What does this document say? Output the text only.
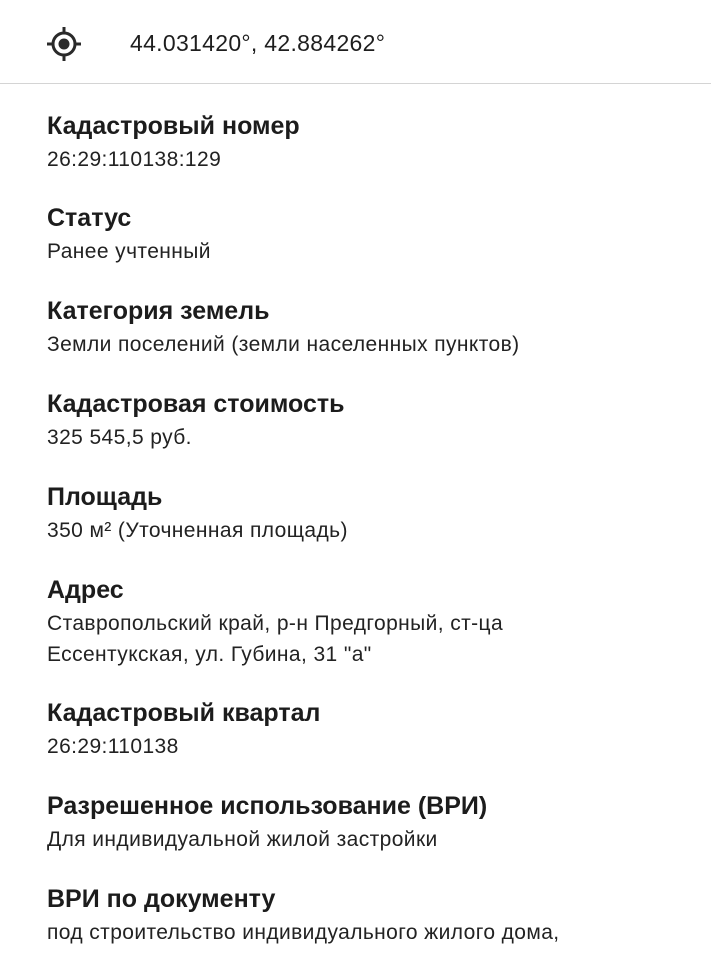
44.031420°, 42.884262°
Кадастровый номер
26:29:110138:129
Статус
Ранее учтенный
Категория земель
Земли поселений (земли населенных пунктов)
Кадастровая стоимость
325 545,5 руб.
Площадь
350 м² (Уточненная площадь)
Адрес
Ставропольский край, р-н Предгорный, ст-ца
Ессентукская, ул. Губина, 31 "а"
Кадастровый квартал
26:29:110138
Разрешенное использование (ВРИ)
Для индивидуальной жилой застройки
ВРИ по документу
под строительство индивидуального жилого дома,
